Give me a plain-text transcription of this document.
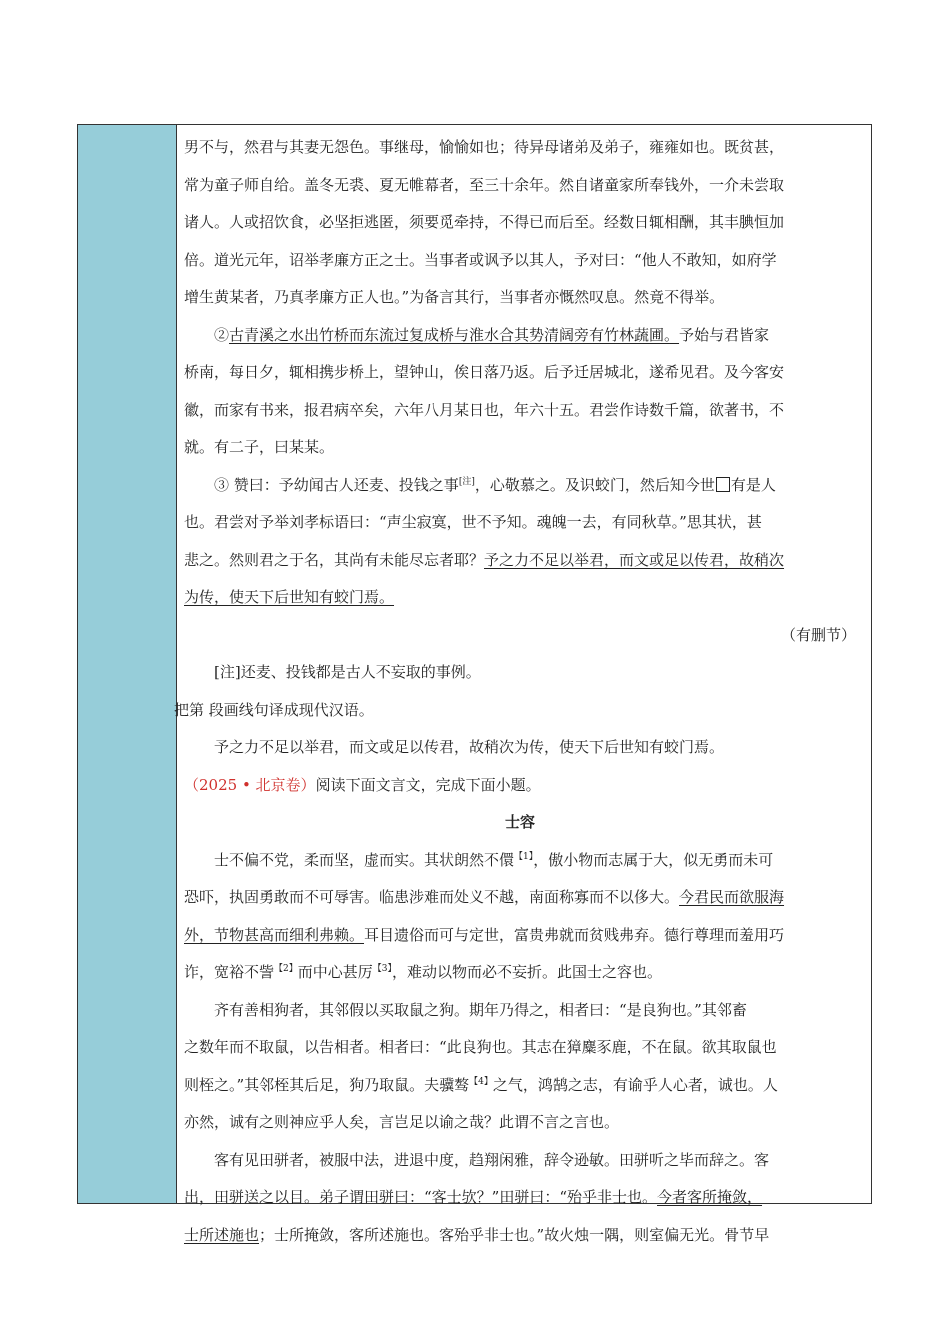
男不与，然君与其妻无怨色。事继母，愉愉如也；待异母诸弟及弟子，雍雍如也。既贫甚，

常为童子师自给。盖冬无裘、夏无帷幕者，至三十余年。然自诸童家所奉钱外，一介未尝取

诸人。人或招饮食，必坚拒逃匿，须要觅牵持，不得已而后至。经数日辄相酬，其丰腆恒加

倍。道光元年，诏举孝廉方正之士。当事者或讽予以其人，予对曰：“他人不敢知，如府学

增生黄某者，乃真孝廉方正人也。”为备言其行，当事者亦慨然叹息。然竟不得举。

②古青溪之水出竹桥而东流过复成桥与淮水合其势清阔旁有竹林蔬圃。予始与君皆家

桥南，每日夕，辄相携步桥上，望钟山，俟日落乃返。后予迁居城北，遂希见君。及今客安

徽，而家有书来，报君病卒矣，六年八月某日也，年六十五。君尝作诗数千篇，欲著书，不

就。有二子，曰某某。

③ 赞曰：予幼闻古人还麦、投钱之事[注]，心敬慕之。及识蛟门，然后知今世 有是人

也。君尝对予举刘孝标语曰：“声尘寂寞，世不予知。魂魄一去，有同秋草。”思其状，甚

悲之。然则君之于名，其尚有未能尽忘者耶？予之力不足以举君，而文或足以传君，故稍次

为传，使天下后世知有蛟门焉。

（有删节）

[注]还麦、投钱都是古人不妄取的事例。

把第 段画线句译成现代汉语。

予之力不足以举君，而文或足以传君，故稍次为传，使天下后世知有蛟门焉。

（2025 • 北京卷）阅读下面文言文，完成下面小题。

士容

士不偏不党，柔而坚，虚而实。其状朗然不儇$^{【1】}$，傲小物而志属于大，似无勇而未可

恐吓，执固勇敢而不可辱害。临患涉难而处义不越，南面称寡而不以侈大。今君民而欲服海

外，节物甚高而细利弗赖。耳目遗俗而可与定世，富贵弗就而贫贱弗弃。德行尊理而羞用巧

诈，宽裕不訾$^{【2】}$而中心甚厉$^{【3】}$，难动以物而必不妄折。此国士之容也。

齐有善相狗者，其邻假以买取鼠之狗。期年乃得之，相者曰：“是良狗也。”其邻畜

之数年而不取鼠，以告相者。相者曰：“此良狗也。其志在獐麋豕鹿，不在鼠。欲其取鼠也

则桎之。”其邻桎其后足，狗乃取鼠。夫骥骜$^{【4】}$之气，鸿鹄之志，有谕乎人心者，诚也。人

亦然，诚有之则神应乎人矣，言岂足以谕之哉？此谓不言之言也。

客有见田骈者，被服中法，进退中度，趋翔闲雅，辞令逊敏。田骈听之毕而辞之。客

出，田骈送之以目。弟子谓田骈曰：“客士欤？”田骈曰：“殆乎非士也。今者客所掩敛，

士所述施也；士所掩敛，客所述施也。客殆乎非士也。”故火烛一隅，则室偏无光。骨节早
